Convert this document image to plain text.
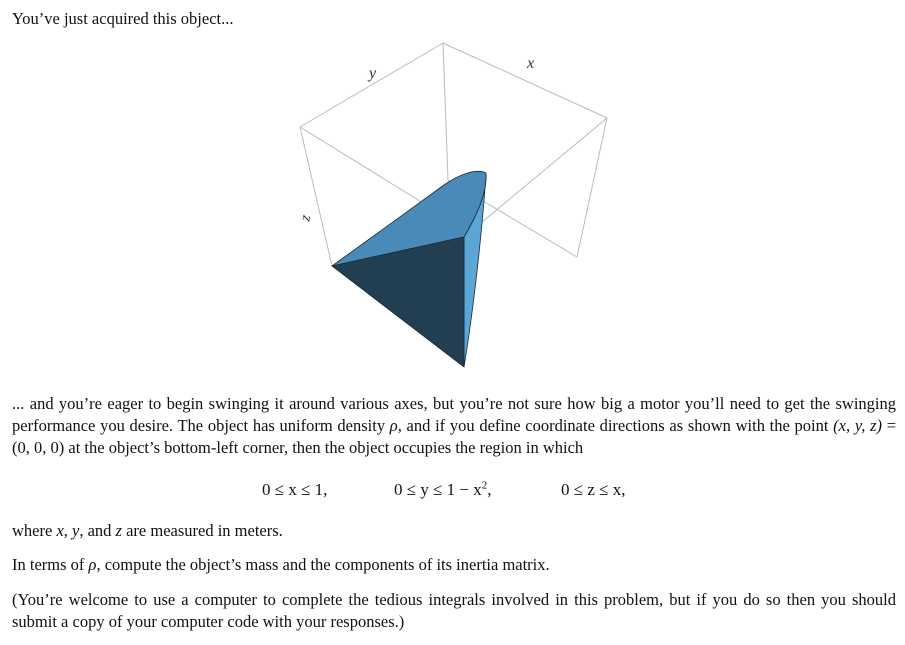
You’ve just acquired this object...

y
x
z

... and you’re eager to begin swinging it around various axes, but you’re not sure how big a motor you’ll need to get the swinging performance you desire. The object has uniform density ρ, and if you define coordinate directions as shown with the point (x, y, z) = (0, 0, 0) at the object’s bottom-left corner, then the object occupies the region in which

0 ≤ x ≤ 1,	$0 \le y \le 1 - x^2$,	0 ≤ z ≤ x,

where x, y, and z are measured in meters.

In terms of ρ, compute the object’s mass and the components of its inertia matrix.

(You’re welcome to use a computer to complete the tedious integrals involved in this problem, but if you do so then you should submit a copy of your computer code with your responses.)
